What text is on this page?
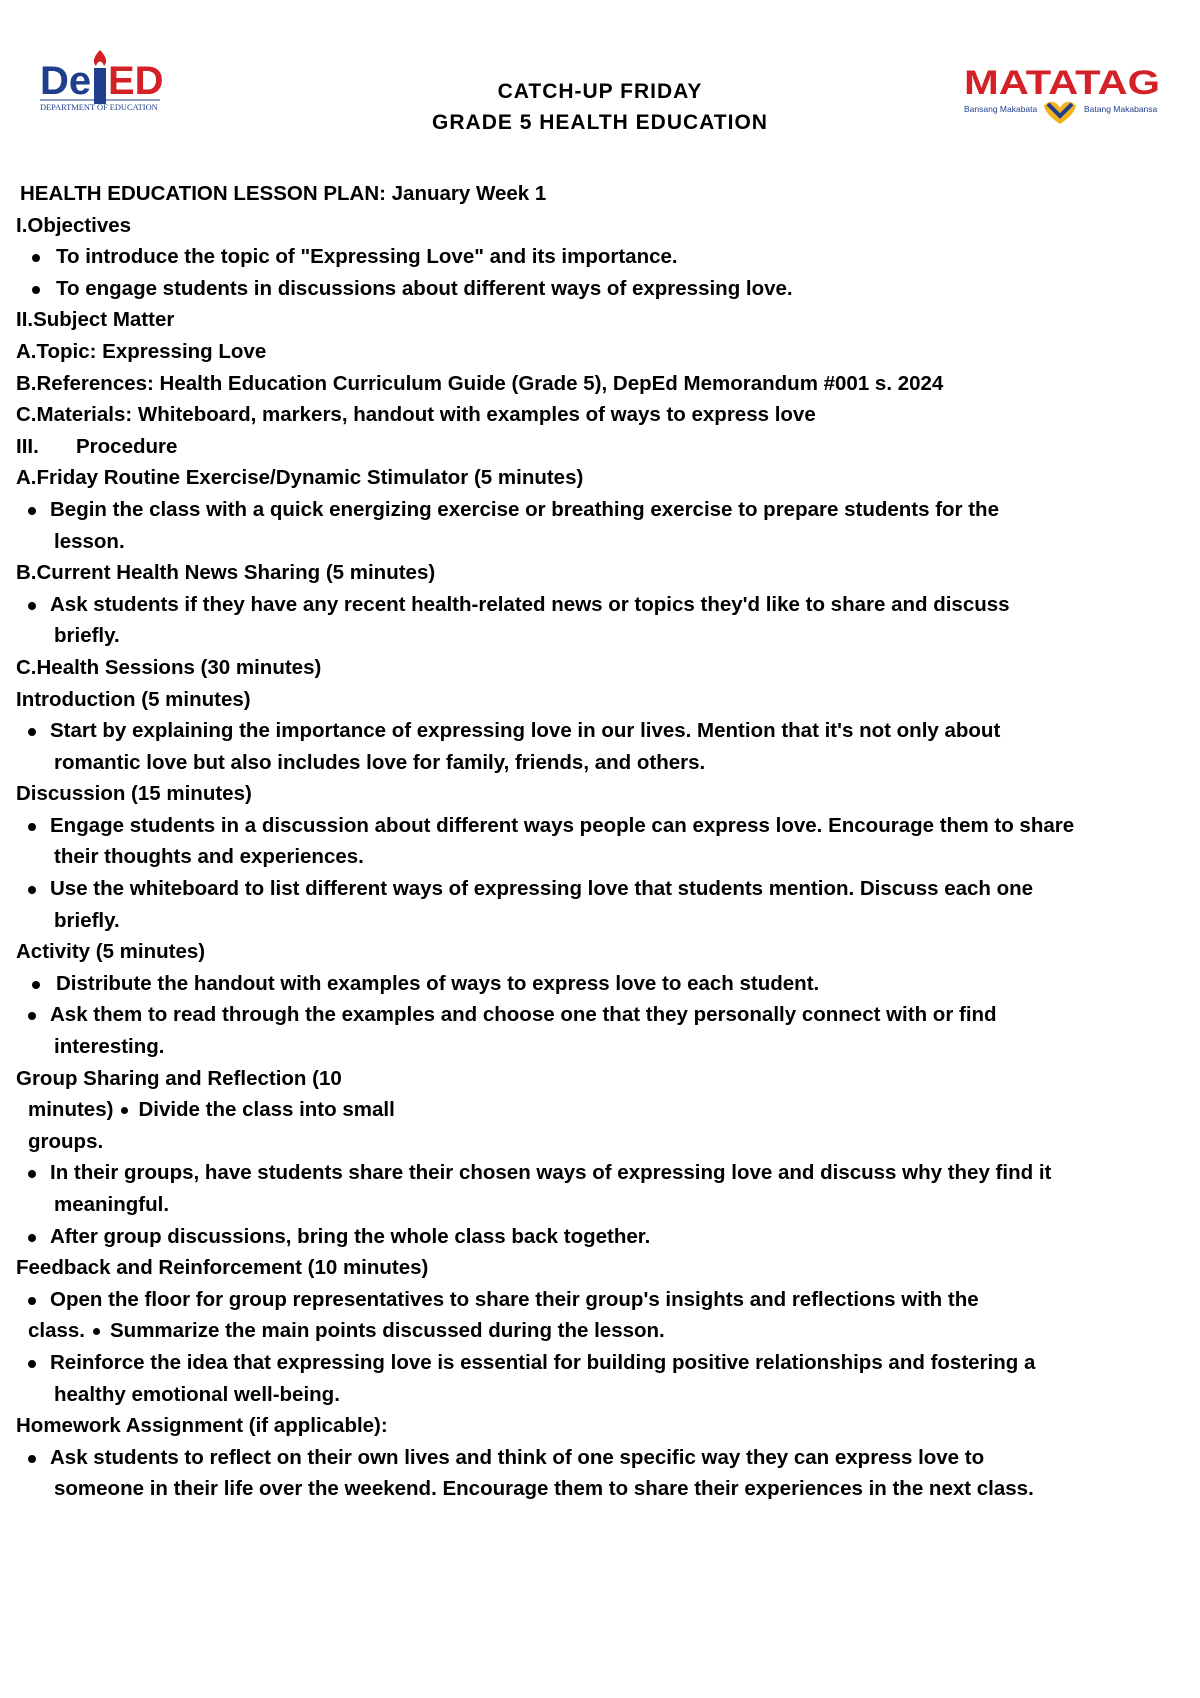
De ED
DEPARTMENT OF EDUCATION
CATCH-UP FRIDAY
GRADE 5 HEALTH EDUCATION
MATATAG
Bansang Makabata	Batang Makabansa
HEALTH EDUCATION LESSON PLAN: January Week 1
I.Objectives
To introduce the topic of "Expressing Love" and its importance.
To engage students in discussions about different ways of expressing love.
II.Subject Matter
A.Topic: Expressing Love
B.References: Health Education Curriculum Guide (Grade 5), DepEd Memorandum #001 s. 2024
C.Materials: Whiteboard, markers, handout with examples of ways to express love
III. Procedure
A.Friday Routine Exercise/Dynamic Stimulator (5 minutes)
Begin the class with a quick energizing exercise or breathing exercise to prepare students for the
lesson.
B.Current Health News Sharing (5 minutes)
Ask students if they have any recent health-related news or topics they'd like to share and discuss
briefly.
C.Health Sessions (30 minutes)
Introduction (5 minutes)
Start by explaining the importance of expressing love in our lives. Mention that it's not only about
romantic love but also includes love for family, friends, and others.
Discussion (15 minutes)
Engage students in a discussion about different ways people can express love. Encourage them to share
their thoughts and experiences.
Use the whiteboard to list different ways of expressing love that students mention. Discuss each one
briefly.
Activity (5 minutes)
Distribute the handout with examples of ways to express love to each student.
Ask them to read through the examples and choose one that they personally connect with or find
interesting.
Group Sharing and Reflection (10
minutes) Divide the class into small
groups.
In their groups, have students share their chosen ways of expressing love and discuss why they find it
meaningful.
After group discussions, bring the whole class back together.
Feedback and Reinforcement (10 minutes)
Open the floor for group representatives to share their group's insights and reflections with the
class. Summarize the main points discussed during the lesson.
Reinforce the idea that expressing love is essential for building positive relationships and fostering a
healthy emotional well-being.
Homework Assignment (if applicable):
Ask students to reflect on their own lives and think of one specific way they can express love to
someone in their life over the weekend. Encourage them to share their experiences in the next class.
